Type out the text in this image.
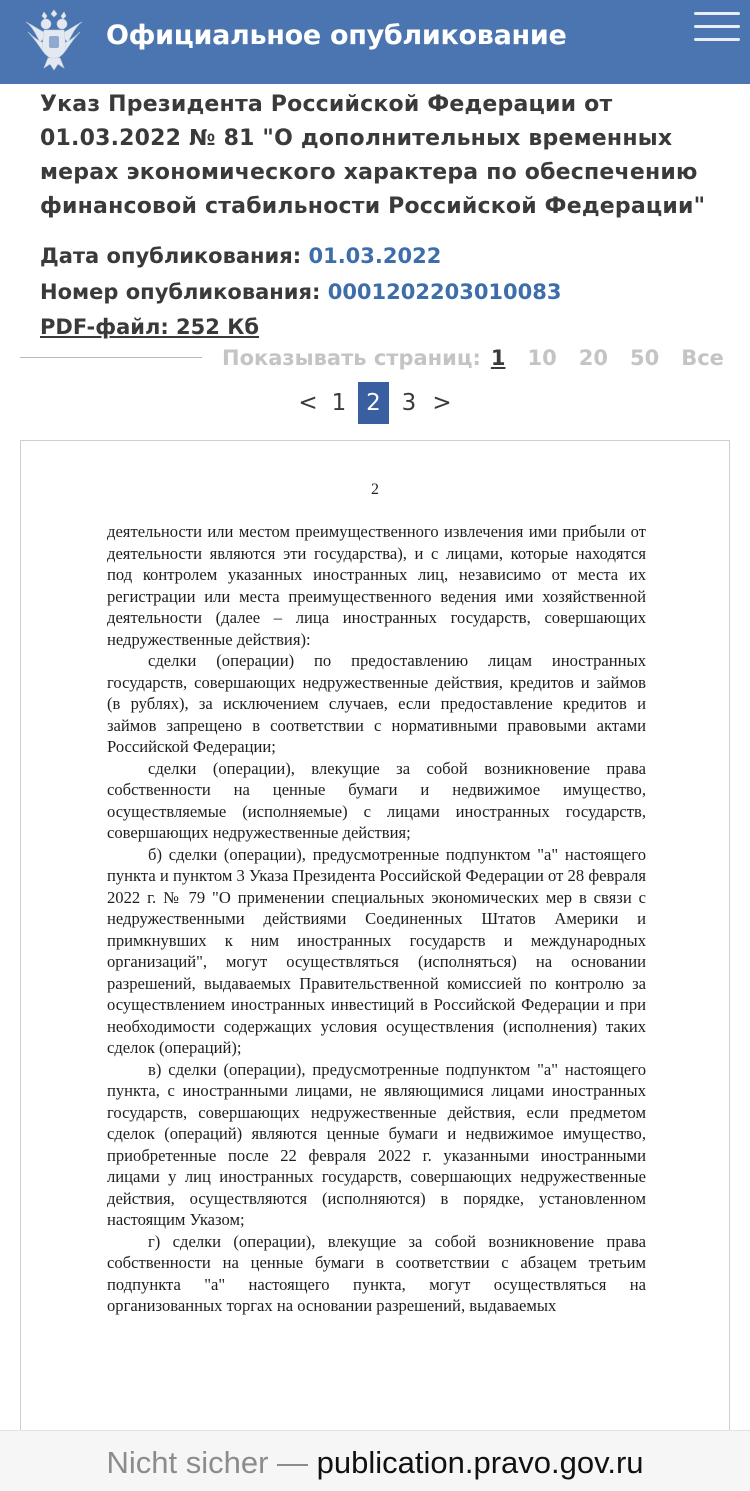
Официальное опубликование
Указ Президента Российской Федерации от 01.03.2022 № 81 "О дополнительных временных мерах экономического характера по обеспечению финансовой стабильности Российской Федерации"
Дата опубликования: 01.03.2022
Номер опубликования: 0001202203010083
PDF-файл: 252 Кб
Показывать страниц: 1 10 20 50 Все
< 1 2 3 >
2

деятельности или местом преимущественного извлечения ими прибыли от деятельности являются эти государства), и с лицами, которые находятся под контролем указанных иностранных лиц, независимо от места их регистрации или места преимущественного ведения ими хозяйственной деятельности (далее – лица иностранных государств, совершающих недружественные действия):

сделки (операции) по предоставлению лицам иностранных государств, совершающих недружественные действия, кредитов и займов (в рублях), за исключением случаев, если предоставление кредитов и займов запрещено в соответствии с нормативными правовыми актами Российской Федерации;

сделки (операции), влекущие за собой возникновение права собственности на ценные бумаги и недвижимое имущество, осуществляемые (исполняемые) с лицами иностранных государств, совершающих недружественные действия;

б) сделки (операции), предусмотренные подпунктом "а" настоящего пункта и пунктом 3 Указа Президента Российской Федерации от 28 февраля 2022 г. № 79 "О применении специальных экономических мер в связи с недружественными действиями Соединенных Штатов Америки и примкнувших к ним иностранных государств и международных организаций", могут осуществляться (исполняться) на основании разрешений, выдаваемых Правительственной комиссией по контролю за осуществлением иностранных инвестиций в Российской Федерации и при необходимости содержащих условия осуществления (исполнения) таких сделок (операций);

в) сделки (операции), предусмотренные подпунктом "а" настоящего пункта, с иностранными лицами, не являющимися лицами иностранных государств, совершающих недружественные действия, если предметом сделок (операций) являются ценные бумаги и недвижимое имущество, приобретенные после 22 февраля 2022 г. указанными иностранными лицами у лиц иностранных государств, совершающих недружественные действия, осуществляются (исполняются) в порядке, установленном настоящим Указом;

г) сделки (операции), влекущие за собой возникновение права собственности на ценные бумаги в соответствии с абзацем третьим подпункта "а" настоящего пункта, могут осуществляться на организованных торгах на основании разрешений, выдаваемых

Nicht sicher — publication.pravo.gov.ru
